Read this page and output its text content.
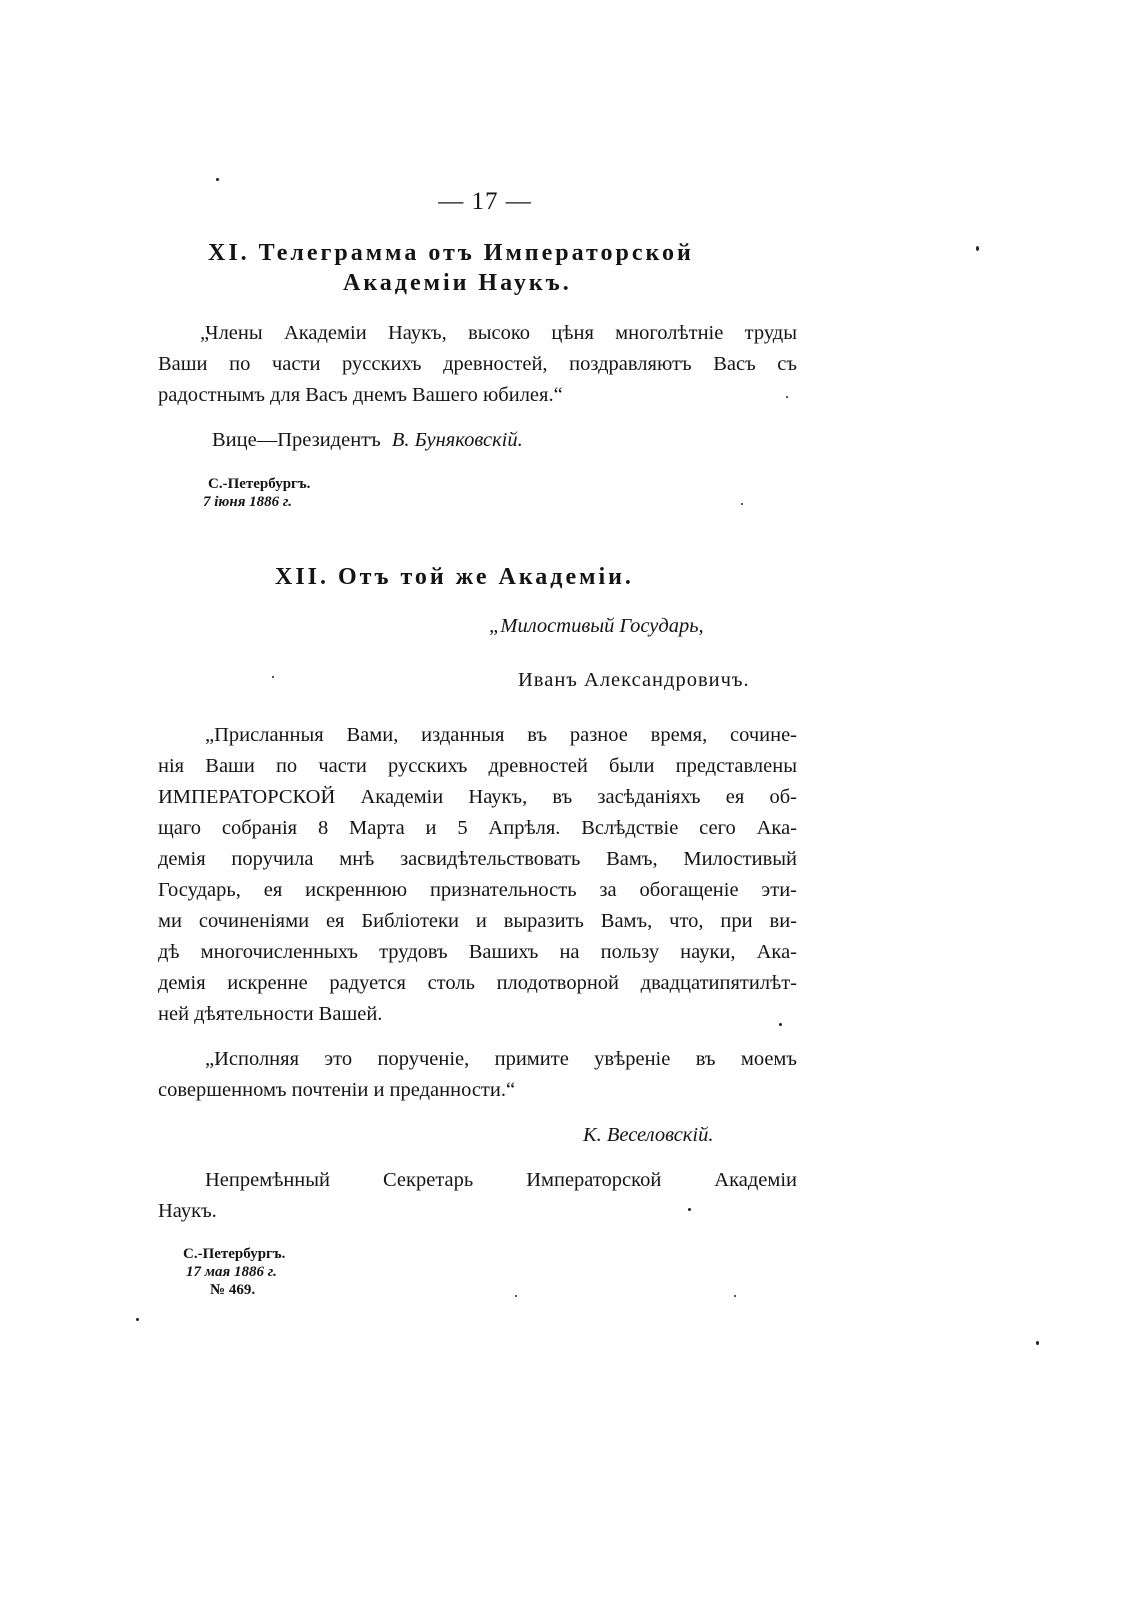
— 17 —
XI. Телеграмма отъ Императорской
Академіи Наукъ.
„Члены Академіи Наукъ, высоко цѣня многолѣтніе труды
Ваши по части русскихъ древностей, поздравляютъ Васъ съ
радостнымъ для Васъ днемъ Вашего юбилея.“
Вице—Президентъ В. Буняковскій.
С.-Петербургъ.
7 іюня 1886 г.
XII. Отъ той же Академіи.
„Милостивый Государь,
Иванъ Александровичъ.
„Присланныя Вами, изданныя въ разное время, сочине-
нія Ваши по части русскихъ древностей были представлены
ИМПЕРАТОРСКОЙ Академіи Наукъ, въ засѣданіяхъ ея об-
щаго собранія 8 Марта и 5 Апрѣля. Вслѣдствіе сего Ака-
демія поручила мнѣ засвидѣтельствовать Вамъ, Милостивый
Государь, ея искреннюю признательность за обогащеніе эти-
ми сочиненіями ея Библіотеки и выразить Вамъ, что, при ви-
дѣ многочисленныхъ трудовъ Вашихъ на пользу науки, Ака-
демія искренне радуется столь плодотворной двадцатипятилѣт-
ней дѣятельности Вашей.
„Исполняя это порученіе, примите увѣреніе въ моемъ
совершенномъ почтеніи и преданности.“
К. Веселовскій.
Непремѣнный Секретарь Императорской Академіи
Наукъ.
С.-Петербургъ.
17 мая 1886 г.
№ 469.
